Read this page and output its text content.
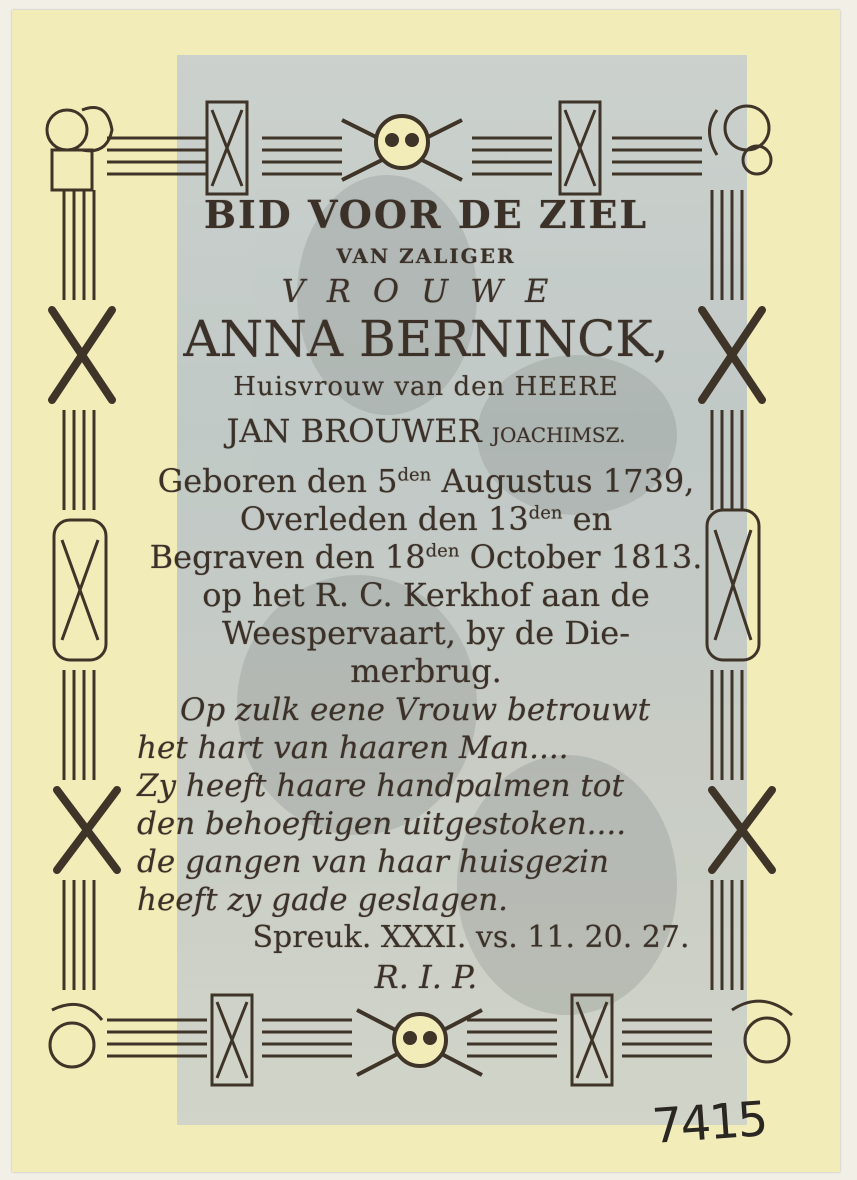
BID VOOR DE ZIEL
VAN ZALIGER
VROUWE
ANNA BERNINCK,
Huisvrouw van den HEERE
JAN BROUWER JOACHIMSZ.
Geboren den $5^{den}$ Augustus 1739,
Overleden den $13^{den}$ en
Begraven den $18^{den}$ October 1813.
op het R. C. Kerkhof aan de
Weespervaart, by de Die-
merbrug.
Op zulk eene Vrouw betrouwt
het hart van haaren Man....
Zy heeft haare handpalmen tot
den behoeftigen uitgestoken....
de gangen van haar huisgezin
heeft zy gade geslagen.
Spreuk. XXXI. vs. 11. 20. 27.
R. I. P.
7415
